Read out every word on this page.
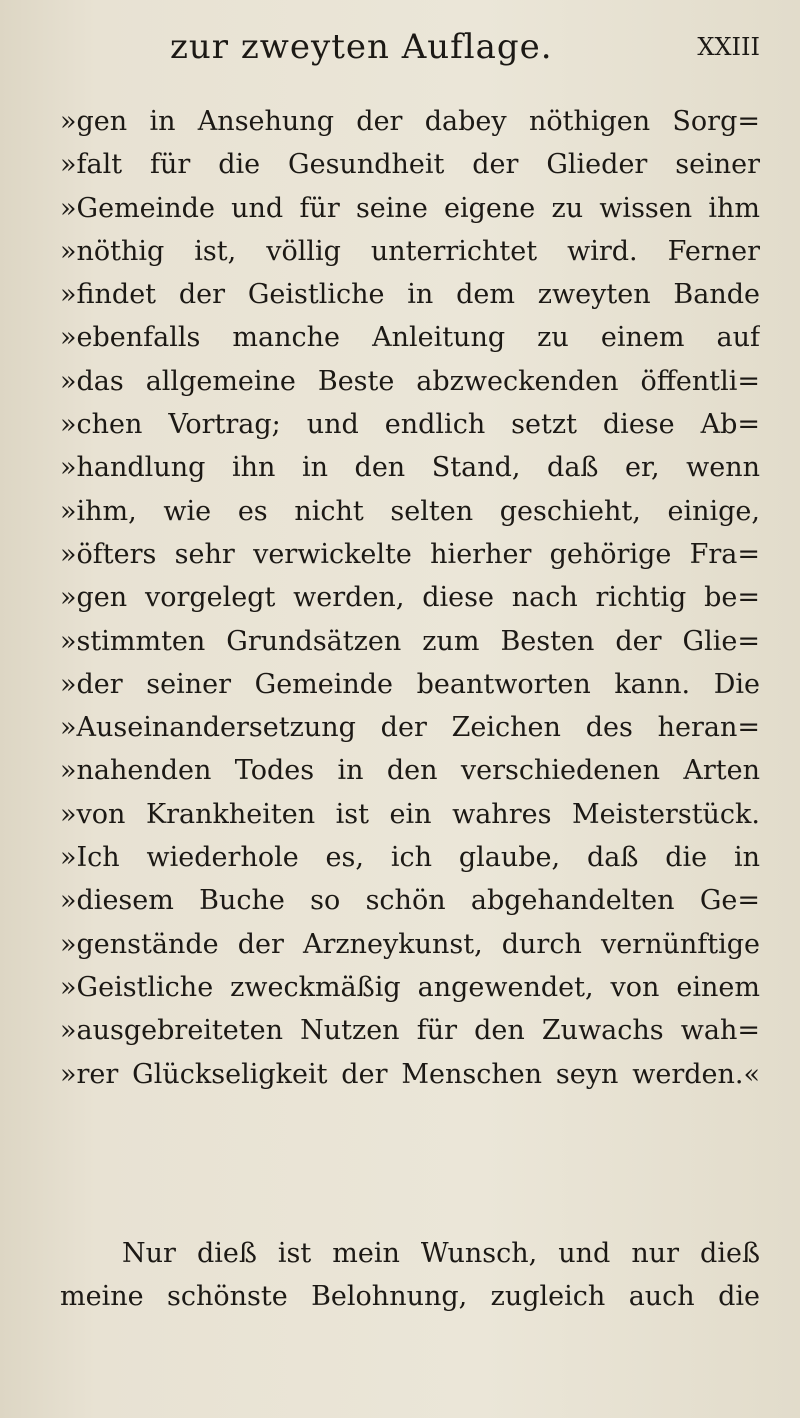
zur zweyten Auflage.	XXIII
»gen in Ansehung der dabey nöthigen Sorg=
»falt für die Gesundheit der Glieder seiner
»Gemeinde und für seine eigene zu wissen ihm
»nöthig ist, völlig unterrichtet wird. Ferner
»findet der Geistliche in dem zweyten Bande
»ebenfalls manche Anleitung zu einem auf
»das allgemeine Beste abzweckenden öffentli=
»chen Vortrag; und endlich setzt diese Ab=
»handlung ihn in den Stand, daß er, wenn
»ihm, wie es nicht selten geschieht, einige,
»öfters sehr verwickelte hierher gehörige Fra=
»gen vorgelegt werden, diese nach richtig be=
»stimmten Grundsätzen zum Besten der Glie=
»der seiner Gemeinde beantworten kann. Die
»Auseinandersetzung der Zeichen des heran=
»nahenden Todes in den verschiedenen Arten
»von Krankheiten ist ein wahres Meisterstück.
»Ich wiederhole es, ich glaube, daß die in
»diesem Buche so schön abgehandelten Ge=
»genstände der Arzneykunst, durch vernünftige
»Geistliche zweckmäßig angewendet, von einem
»ausgebreiteten Nutzen für den Zuwachs wah=
»rer Glückseligkeit der Menschen seyn werden.«
Nur dieß ist mein Wunsch, und nur dieß
meine schönste Belohnung, zugleich auch die
